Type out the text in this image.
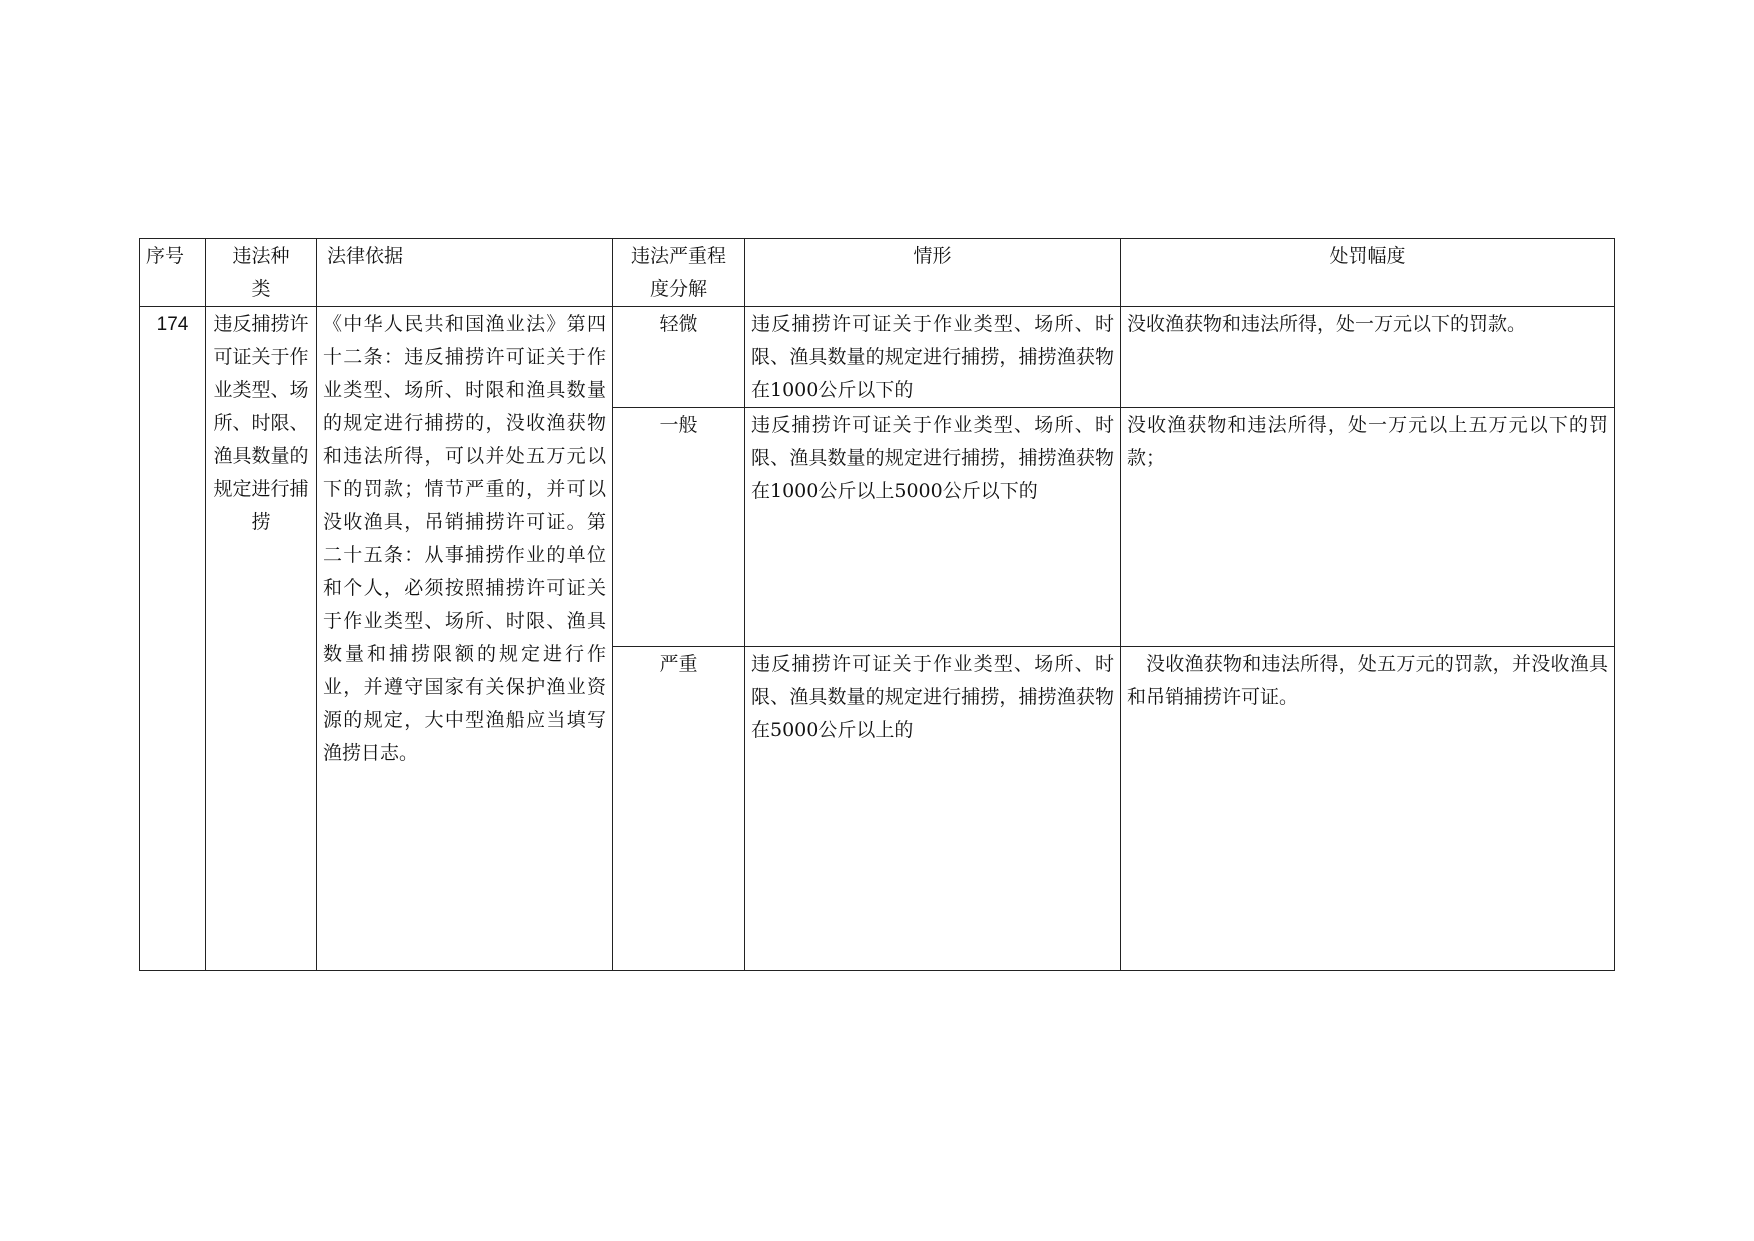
序号	违法种类	法律依据	违法严重程度分解	情形	处罚幅度
174	违反捕捞许可证关于作业类型、场所、时限、渔具数量的规定进行捕捞	《中华人民共和国渔业法》第四十二条：违反捕捞许可证关于作业类型、场所、时限和渔具数量的规定进行捕捞的，没收渔获物和违法所得，可以并处五万元以下的罚款；情节严重的，并可以没收渔具，吊销捕捞许可证。第二十五条：从事捕捞作业的单位和个人，必须按照捕捞许可证关于作业类型、场所、时限、渔具数量和捕捞限额的规定进行作业，并遵守国家有关保护渔业资源的规定，大中型渔船应当填写渔捞日志。	轻微	违反捕捞许可证关于作业类型、场所、时限、渔具数量的规定进行捕捞，捕捞渔获物在1000公斤以下的	没收渔获物和违法所得，处一万元以下的罚款。
			一般	违反捕捞许可证关于作业类型、场所、时限、渔具数量的规定进行捕捞，捕捞渔获物在1000公斤以上5000公斤以下的	没收渔获物和违法所得，处一万元以上五万元以下的罚款；
			严重	违反捕捞许可证关于作业类型、场所、时限、渔具数量的规定进行捕捞，捕捞渔获物在5000公斤以上的	没收渔获物和违法所得，处五万元的罚款，并没收渔具和吊销捕捞许可证。
